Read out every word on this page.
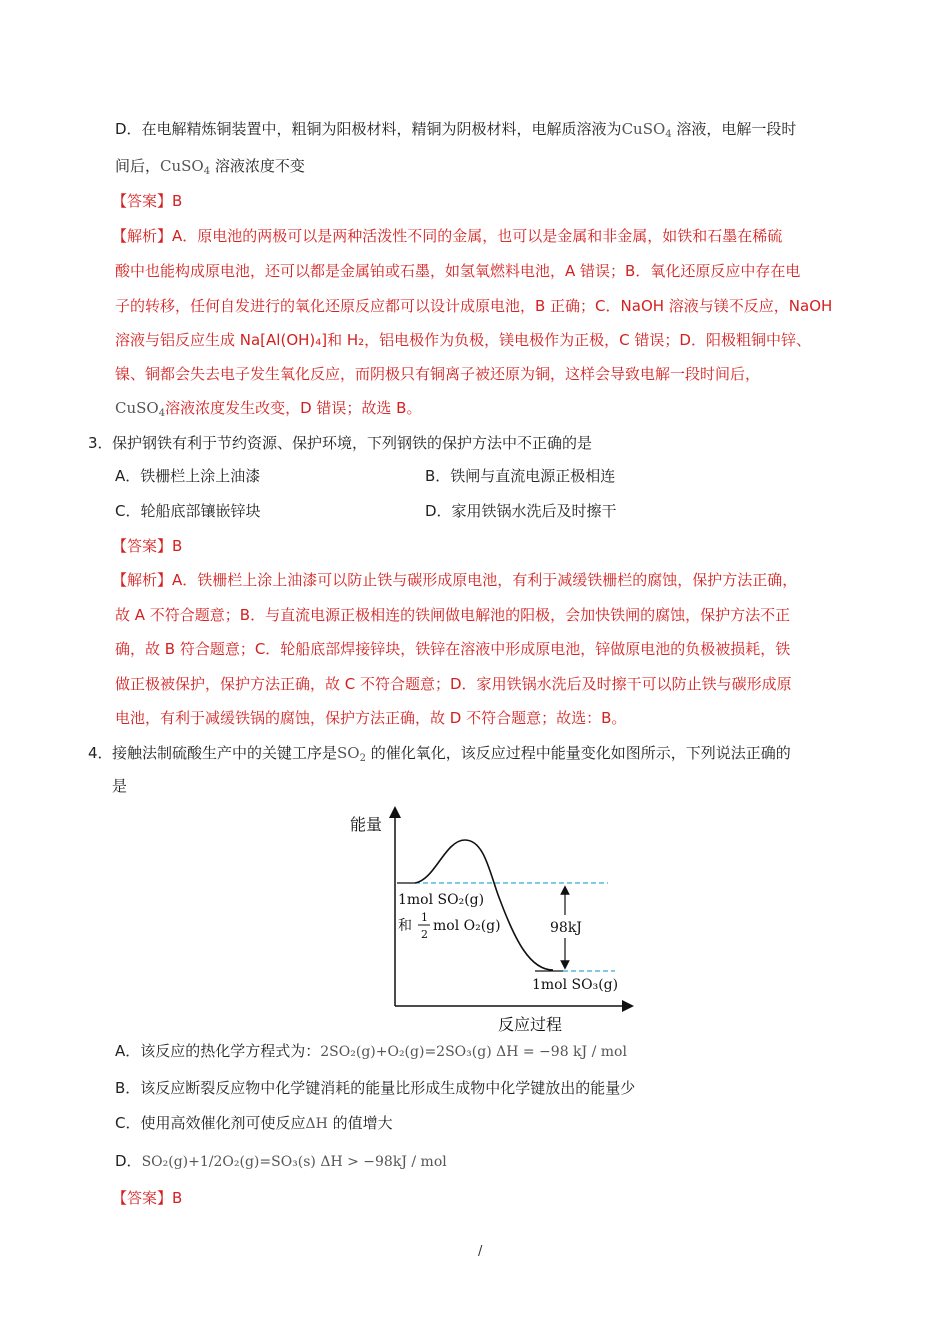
D．在电解精炼铜装置中，粗铜为阳极材料，精铜为阴极材料，电解质溶液为CuSO$_4$ 溶液，电解一段时
间后，CuSO$_4$ 溶液浓度不变
【答案】B
【解析】A．原电池的两极可以是两种活泼性不同的金属，也可以是金属和非金属，如铁和石墨在稀硫
酸中也能构成原电池，还可以都是金属铂或石墨，如氢氧燃料电池，A 错误；B．氧化还原反应中存在电
子的转移，任何自发进行的氧化还原反应都可以设计成原电池，B 正确；C．NaOH 溶液与镁不反应，NaOH
溶液与铝反应生成 Na[Al(OH)₄]和 H₂，铝电极作为负极，镁电极作为正极，C 错误；D．阳极粗铜中锌、
镍、铜都会失去电子发生氧化反应，而阴极只有铜离子被还原为铜，这样会导致电解一段时间后，
CuSO$_4$溶液浓度发生改变，D 错误；故选 B。
3． 保护钢铁有利于节约资源、保护环境，下列钢铁的保护方法中不正确的是
A．铁栅栏上涂上油漆	B．铁闸与直流电源正极相连
C．轮船底部镶嵌锌块	D．家用铁锅水洗后及时擦干
【答案】B
【解析】A．铁栅栏上涂上油漆可以防止铁与碳形成原电池，有利于减缓铁栅栏的腐蚀，保护方法正确，
故 A 不符合题意；B．与直流电源正极相连的铁闸做电解池的阳极，会加快铁闸的腐蚀，保护方法不正
确，故 B 符合题意；C．轮船底部焊接锌块，铁锌在溶液中形成原电池，锌做原电池的负极被损耗，铁
做正极被保护，保护方法正确，故 C 不符合题意；D．家用铁锅水洗后及时擦干可以防止铁与碳形成原
电池，有利于减缓铁锅的腐蚀，保护方法正确，故 D 不符合题意；故选：B。
4． 接触法制硫酸生产中的关键工序是$SO_2$ 的催化氧化，该反应过程中能量变化如图所示，下列说法正确的
是
能量
反应过程
98kJ
1mol SO₂(g)
和
1
2
mol O₂(g)
1mol SO₃(g)
A．该反应的热化学方程式为：2SO₂(g)+O₂(g)=2SO₃(g) ΔH = −98 kJ / mol
B．该反应断裂反应物中化学键消耗的能量比形成生成物中化学键放出的能量少
C．使用高效催化剂可使反应ΔH 的值增大
D．SO₂(g)+1/2O₂(g)=SO₃(s) ΔH > −98kJ / mol
【答案】B
/
